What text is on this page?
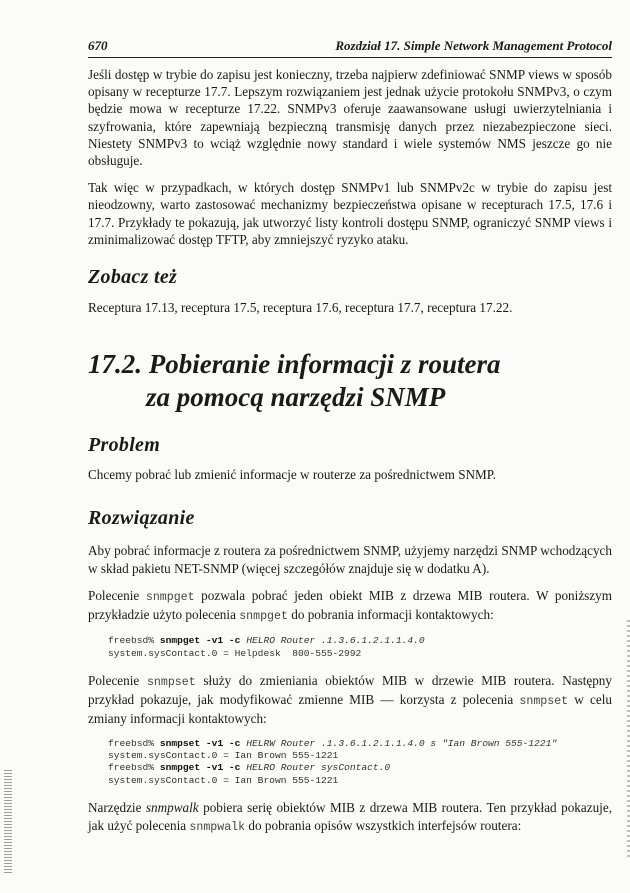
670	Rozdział 17. Simple Network Management Protocol

Jeśli dostęp w trybie do zapisu jest konieczny, trzeba najpierw zdefiniować SNMP views w sposób opisany w recepturze 17.7. Lepszym rozwiązaniem jest jednak użycie protokołu SNMPv3, o czym będzie mowa w recepturze 17.22. SNMPv3 oferuje zaawansowane usługi uwierzytelniania i szyfrowania, które zapewniają bezpieczną transmisję danych przez niezabezpieczone sieci. Niestety SNMPv3 to wciąż względnie nowy standard i wiele systemów NMS jeszcze go nie obsługuje.

Tak więc w przypadkach, w których dostęp SNMPv1 lub SNMPv2c w trybie do zapisu jest nieodzowny, warto zastosować mechanizmy bezpieczeństwa opisane w recepturach 17.5, 17.6 i 17.7. Przykłady te pokazują, jak utworzyć listy kontroli dostępu SNMP, ograniczyć SNMP views i zminimalizować dostęp TFTP, aby zmniejszyć ryzyko ataku.

Zobacz też

Receptura 17.13, receptura 17.5, receptura 17.6, receptura 17.7, receptura 17.22.

17.2. Pobieranie informacji z routera
za pomocą narzędzi SNMP
Problem

Chcemy pobrać lub zmienić informacje w routerze za pośrednictwem SNMP.

Rozwiązanie

Aby pobrać informacje z routera za pośrednictwem SNMP, użyjemy narzędzi SNMP wchodzących w skład pakietu NET-SNMP (więcej szczegółów znajduje się w dodatku A).

Polecenie snmpget pozwala pobrać jeden obiekt MIB z drzewa MIB routera. W poniższym przykładzie użyto polecenia snmpget do pobrania informacji kontaktowych:

freebsd% snmpget -v1 -c HELRO Router .1.3.6.1.2.1.1.4.0
system.sysContact.0 = Helpdesk  800-555-2992

Polecenie snmpset służy do zmieniania obiektów MIB w drzewie MIB routera. Następny przykład pokazuje, jak modyfikować zmienne MIB — korzysta z polecenia snmpset w celu zmiany informacji kontaktowych:

freebsd% snmpset -v1 -c HELRW Router .1.3.6.1.2.1.1.4.0 s "Ian Brown 555-1221"
system.sysContact.0 = Ian Brown 555-1221
freebsd% snmpget -v1 -c HELRO Router sysContact.0
system.sysContact.0 = Ian Brown 555-1221

Narzędzie snmpwalk pobiera serię obiektów MIB z drzewa MIB routera. Ten przykład pokazuje, jak użyć polecenia snmpwalk do pobrania opisów wszystkich interfejsów routera:
